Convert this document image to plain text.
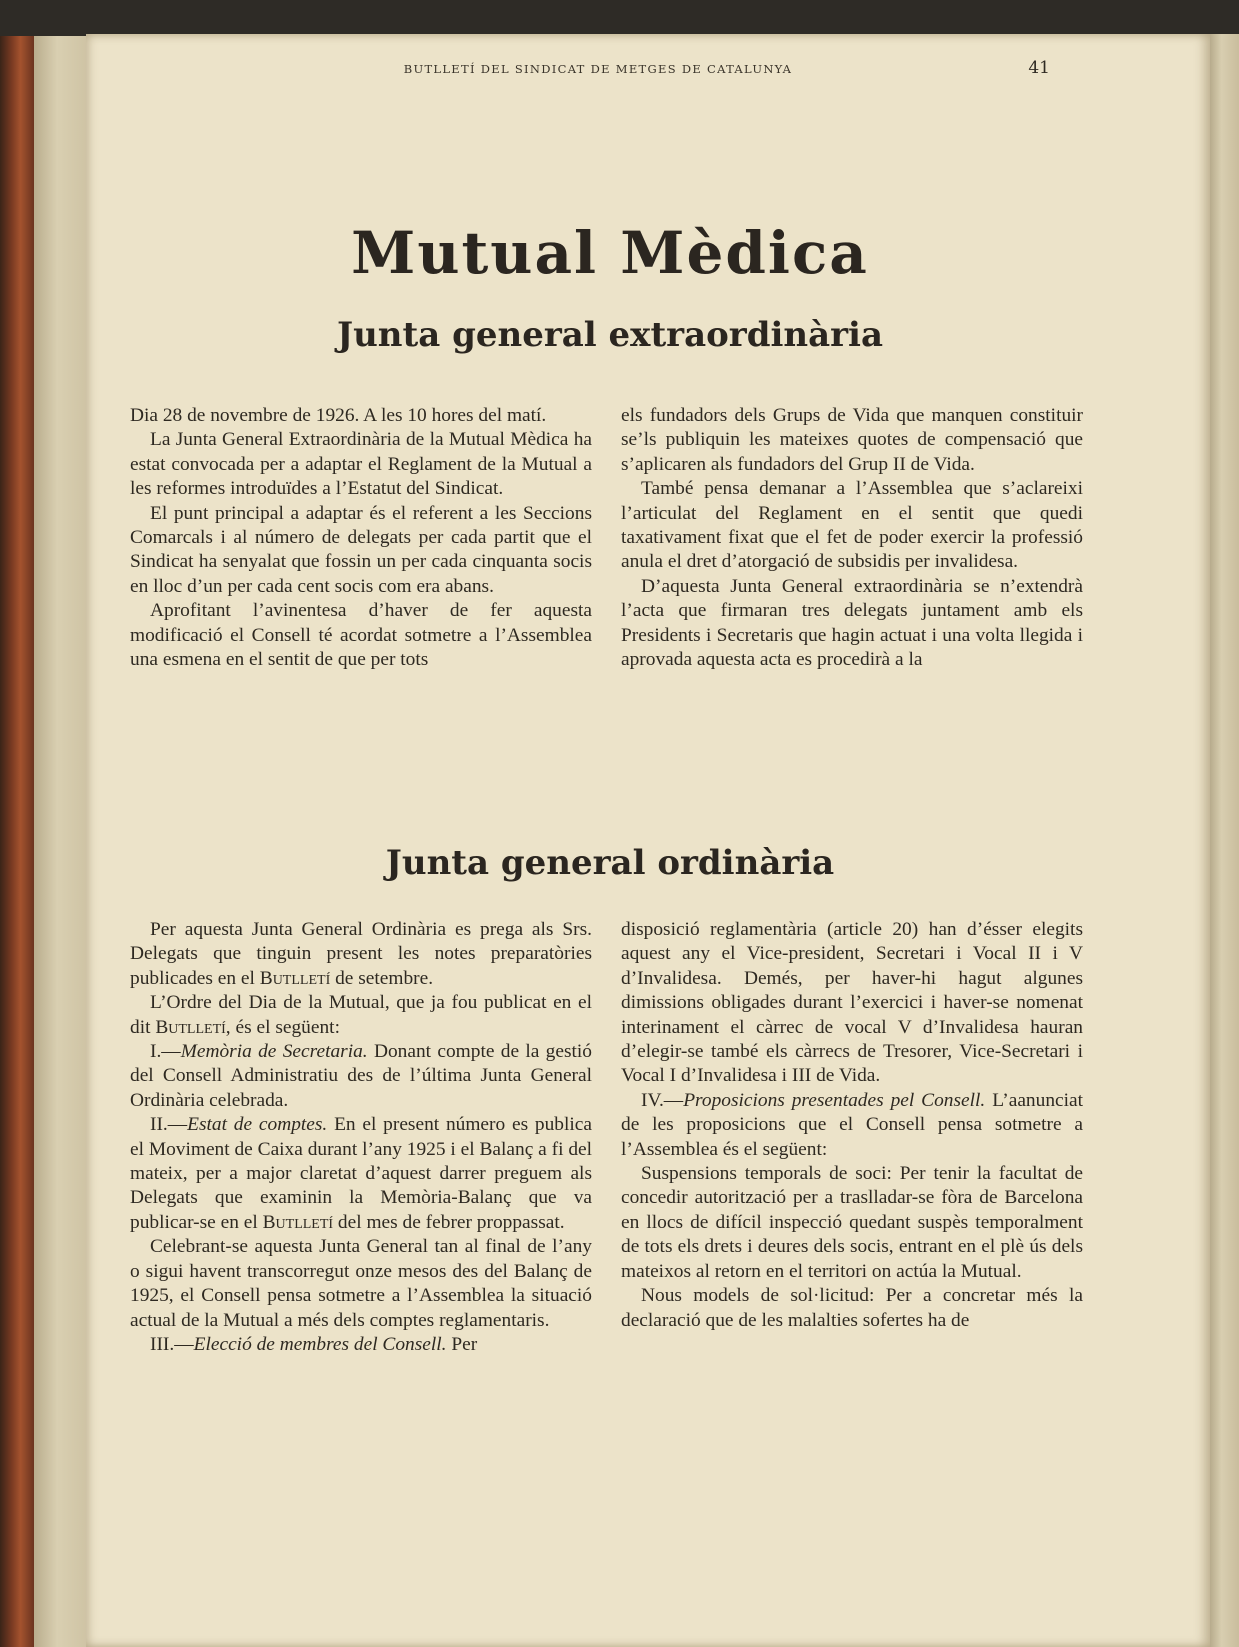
BUTLLETÍ DEL SINDICAT DE METGES DE CATALUNYA	41
Mutual Mèdica
Junta general extraordinària

Dia 28 de novembre de 1926. A les 10 hores del matí.

La Junta General Extraordinària de la Mutual Mèdica ha estat convocada per a adaptar el Reglament de la Mutual a les reformes introduïdes a l’Estatut del Sindicat.

El punt principal a adaptar és el referent a les Seccions Comarcals i al número de delegats per cada partit que el Sindicat ha senyalat que fossin un per cada cinquanta socis en lloc d’un per cada cent socis com era abans.

Aprofitant l’avinentesa d’haver de fer aquesta modificació el Consell té acordat sotmetre a l’Assemblea una esmena en el sentit de que per tots

els fundadors dels Grups de Vida que manquen constituir se’ls publiquin les mateixes quotes de compensació que s’aplicaren als fundadors del Grup II de Vida.

També pensa demanar a l’Assemblea que s’aclareixi l’articulat del Reglament en el sentit que quedi taxativament fixat que el fet de poder exercir la professió anula el dret d’atorgació de subsidis per invalidesa.

D’aquesta Junta General extraordinària se n’extendrà l’acta que firmaran tres delegats juntament amb els Presidents i Secretaris que hagin actuat i una volta llegida i aprovada aquesta acta es procedirà a la

Junta general ordinària

Per aquesta Junta General Ordinària es prega als Srs. Delegats que tinguin present les notes preparatòries publicades en el Butlletí de setembre.

L’Ordre del Dia de la Mutual, que ja fou publicat en el dit Butlletí, és el següent:

I.—Memòria de Secretaria. Donant compte de la gestió del Consell Administratiu des de l’última Junta General Ordinària celebrada.

II.—Estat de comptes. En el present número es publica el Moviment de Caixa durant l’any 1925 i el Balanç a fi del mateix, per a major claretat d’aquest darrer preguem als Delegats que examinin la Memòria-Balanç que va publicar-se en el Butlletí del mes de febrer proppassat.

Celebrant-se aquesta Junta General tan al final de l’any o sigui havent transcorregut onze mesos des del Balanç de 1925, el Consell pensa sotmetre a l’Assemblea la situació actual de la Mutual a més dels comptes reglamentaris.

III.—Elecció de membres del Consell. Per

disposició reglamentària (article 20) han d’ésser elegits aquest any el Vice-president, Secretari i Vocal II i V d’Invalidesa. Demés, per haver-hi hagut algunes dimissions obligades durant l’exercici i haver-se nomenat interinament el càrrec de vocal V d’Invalidesa hauran d’elegir-se també els càrrecs de Tresorer, Vice-Secretari i Vocal I d’Invalidesa i III de Vida.

IV.—Proposicions presentades pel Consell. L’aanunciat de les proposicions que el Consell pensa sotmetre a l’Assemblea és el següent:

Suspensions temporals de soci: Per tenir la facultat de concedir autorització per a traslladar-se fòra de Barcelona en llocs de difícil inspecció quedant suspès temporalment de tots els drets i deures dels socis, entrant en el plè ús dels mateixos al retorn en el territori on actúa la Mutual.

Nous models de sol·licitud: Per a concretar més la declaració que de les malalties sofertes ha de
